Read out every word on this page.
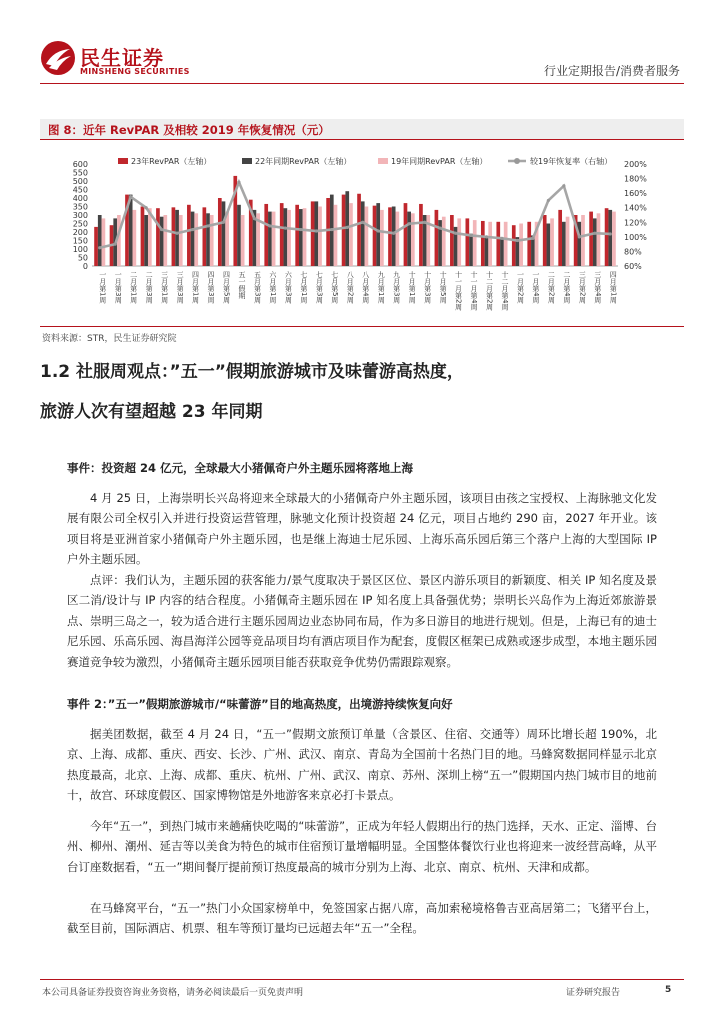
民生证券
MINSHENG SECURITIES	行业定期报告/消费者服务
图 8：近年 RevPAR 及相较 2019 年恢复情况（元）
0
50
100
150
200
250
300
350
400
450
500
550
600
60%
80%
100%
120%
140%
160%
180%
200%
一月第1周 一月第3周 二月第1周 二月第3周 三月第1周 三月第3周 四月第1周 四月第3周 四月第5周 五一假期 五月第3周 六月第1周 六月第3周 七月第1周 七月第3周 七月第5周 八月第2周 八月第4周 九月第1周 九月第3周 十月第1周 十月第3周 十月第5周 十一月第2周 十一月第4周 十二月第2周 十二月第4周 一月第2周 一月第4周 二月第2周 二月第4周 三月第2周 三月第4周 四月第1周
23年RevPAR（左轴）	22年同期RevPAR（左轴）	19年同期RevPAR（左轴）	较19年恢复率（右轴）
资料来源：STR，民生证券研究院
1.2 社服周观点：”五一”假期旅游城市及味蕾游高热度，
旅游人次有望超越 23 年同期
事件：投资超 24 亿元，全球最大小猪佩奇户外主题乐园将落地上海
4 月 25 日，上海崇明长兴岛将迎来全球最大的小猪佩奇户外主题乐园，该项目由孩之宝授权、上海脉驰文化发展有限公司全权引入并进行投资运营管理，脉驰文化预计投资超 24 亿元，项目占地约 290 亩，2027 年开业。该项目将是亚洲首家小猪佩奇户外主题乐园，也是继上海迪士尼乐园、上海乐高乐园后第三个落户上海的大型国际 IP 户外主题乐园。
点评：我们认为，主题乐园的获客能力/景气度取决于景区区位、景区内游乐项目的新颖度、相关 IP 知名度及景区二消/设计与 IP 内容的结合程度。小猪佩奇主题乐园在 IP 知名度上具备强优势；崇明长兴岛作为上海近郊旅游景点、崇明三岛之一，较为适合进行主题乐园周边业态协同布局，作为多日游目的地进行规划。但是，上海已有的迪士尼乐园、乐高乐园、海昌海洋公园等竞品项目均有酒店项目作为配套，度假区框架已成熟或逐步成型，本地主题乐园赛道竞争较为激烈，小猪佩奇主题乐园项目能否获取竞争优势仍需跟踪观察。
事件 2：”五一”假期旅游城市/“味蕾游”目的地高热度，出境游持续恢复向好
据美团数据，截至 4 月 24 日，“五一”假期文旅预订单量（含景区、住宿、交通等）周环比增长超 190%，北京、上海、成都、重庆、西安、长沙、广州、武汉、南京、青岛为全国前十名热门目的地。马蜂窝数据同样显示北京热度最高，北京、上海、成都、重庆、杭州、广州、武汉、南京、苏州、深圳上榜“五一”假期国内热门城市目的地前十，故宫、环球度假区、国家博物馆是外地游客来京必打卡景点。
今年“五一”，到热门城市来趟痛快吃喝的“味蕾游”，正成为年轻人假期出行的热门选择，天水、正定、淄博、台州、柳州、潮州、延吉等以美食为特色的城市住宿预订量增幅明显。全国整体餐饮行业也将迎来一波经营高峰，从平台订座数据看，“五一”期间餐厅提前预订热度最高的城市分别为上海、北京、南京、杭州、天津和成都。
在马蜂窝平台，“五一”热门小众国家榜单中，免签国家占据八席，高加索秘境格鲁吉亚高居第二；飞猪平台上，截至目前，国际酒店、机票、租车等预订量均已远超去年“五一”全程。
本公司具备证券投资咨询业务资格，请务必阅读最后一页免责声明	证券研究报告	5
